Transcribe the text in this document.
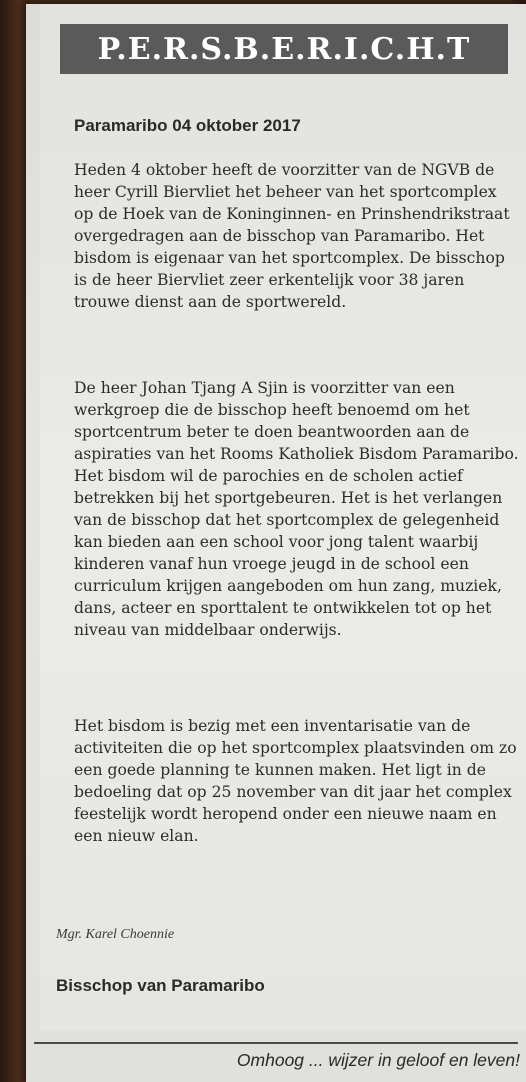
P.E.R.S.B.E.R.I.C.H.T
Paramaribo 04 oktober 2017

Heden 4 oktober heeft de voorzitter van de NGVB de heer Cyrill Biervliet het beheer van het sportcomplex op de Hoek van de Koninginnen- en Prinshendrikstraat overgedragen aan de bisschop van Paramaribo. Het bisdom is eigenaar van het sportcomplex. De bisschop is de heer Biervliet zeer erkentelijk voor 38 jaren trouwe dienst aan de sportwereld.

De heer Johan Tjang A Sjin is voorzitter van een werkgroep die de bisschop heeft benoemd om het sportcentrum beter te doen beantwoorden aan de aspiraties van het Rooms Katholiek Bisdom Paramaribo. Het bisdom wil de parochies en de scholen actief betrekken bij het sportgebeuren. Het is het verlangen van de bisschop dat het sportcomplex de gelegenheid kan bieden aan een school voor jong talent waarbij kinderen vanaf hun vroege jeugd in de school een curriculum krijgen aangeboden om hun zang, muziek, dans, acteer en sporttalent te ontwikkelen tot op het niveau van middelbaar onderwijs.

Het bisdom is bezig met een inventarisatie van de activiteiten die op het sportcomplex plaatsvinden om zo een goede planning te kunnen maken. Het ligt in de bedoeling dat op 25 november van dit jaar het complex feestelijk wordt heropend onder een nieuwe naam en een nieuw elan.

Mgr. Karel Choennie
Bisschop van Paramaribo
Omhoog ... wijzer in geloof en leven!
